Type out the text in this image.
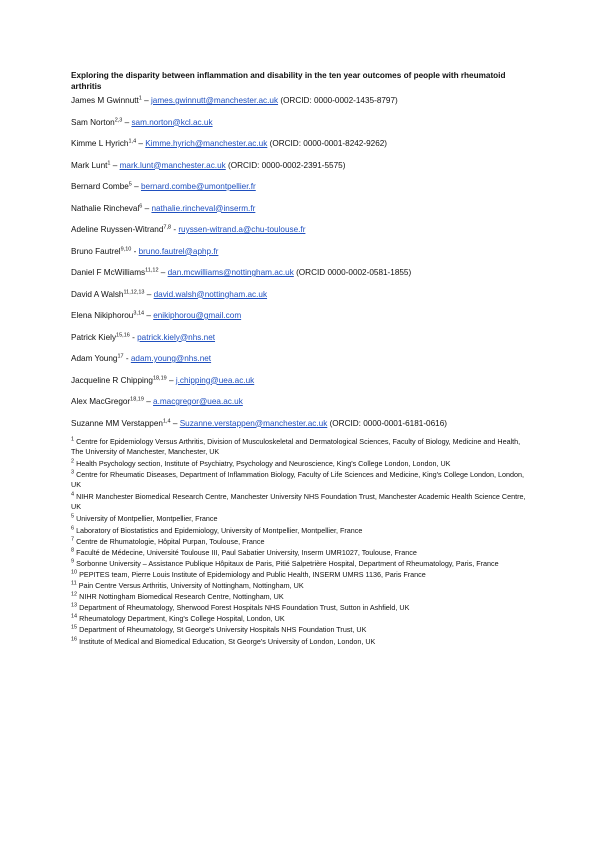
Exploring the disparity between inflammation and disability in the ten year outcomes of people with rheumatoid arthritis

James M Gwinnutt$^1$ – james.gwinnutt@manchester.ac.uk (ORCID: 0000-0002-1435-8797)
Sam Norton$^{2,3}$ – sam.norton@kcl.ac.uk
Kimme L Hyrich$^{1,4}$ – Kimme.hyrich@manchester.ac.uk (ORCID: 0000-0001-8242-9262)
Mark Lunt$^1$ – mark.lunt@manchester.ac.uk (ORCID: 0000-0002-2391-5575)
Bernard Combe$^5$ – bernard.combe@umontpellier.fr
Nathalie Rincheval$^6$ – nathalie.rincheval@inserm.fr
Adeline Ruyssen-Witrand$^{7,8}$ - ruyssen-witrand.a@chu-toulouse.fr
Bruno Fautrel$^{9,10}$ - bruno.fautrel@aphp.fr
Daniel F McWilliams$^{11,12}$ – dan.mcwilliams@nottingham.ac.uk (ORCID 0000-0002-0581-1855)
David A Walsh$^{11,12,13}$ – david.walsh@nottingham.ac.uk
Elena Nikiphorou$^{3,14}$ – enikiphorou@gmail.com
Patrick Kiely$^{15,16}$ - patrick.kiely@nhs.net
Adam Young$^{17}$ - adam.young@nhs.net
Jacqueline R Chipping$^{18,19}$ – j.chipping@uea.ac.uk
Alex MacGregor$^{18,19}$ – a.macgregor@uea.ac.uk
Suzanne MM Verstappen$^{1,4}$ – Suzanne.verstappen@manchester.ac.uk (ORCID: 0000-0001-6181-0616)
$^1$ Centre for Epidemiology Versus Arthritis, Division of Musculoskeletal and Dermatological Sciences, Faculty of Biology, Medicine and Health, The University of Manchester, Manchester, UK
$^2$ Health Psychology section, Institute of Psychiatry, Psychology and Neuroscience, King's College London, London, UK
$^3$ Centre for Rheumatic Diseases, Department of Inflammation Biology, Faculty of Life Sciences and Medicine, King's College London, London, UK
$^4$ NIHR Manchester Biomedical Research Centre, Manchester University NHS Foundation Trust, Manchester Academic Health Science Centre, UK
$^5$ University of Montpellier, Montpellier, France
$^6$ Laboratory of Biostatistics and Epidemiology, University of Montpellier, Montpellier, France
$^7$ Centre de Rhumatologie, Hôpital Purpan, Toulouse, France
$^8$ Faculté de Médecine, Université Toulouse III, Paul Sabatier University, Inserm UMR1027, Toulouse, France
$^9$ Sorbonne University – Assistance Publique Hôpitaux de Paris, Pitié Salpetrière Hospital, Department of Rheumatology, Paris, France
$^{10}$ PEPITES team, Pierre Louis Institute of Epidemiology and Public Health, INSERM UMRS 1136, Paris France
$^{11}$ Pain Centre Versus Arthritis, University of Nottingham, Nottingham, UK
$^{12}$ NIHR Nottingham Biomedical Research Centre, Nottingham, UK
$^{13}$ Department of Rheumatology, Sherwood Forest Hospitals NHS Foundation Trust, Sutton in Ashfield, UK
$^{14}$ Rheumatology Department, King's College Hospital, London, UK
$^{15}$ Department of Rheumatology, St George's University Hospitals NHS Foundation Trust, UK
$^{16}$ Institute of Medical and Biomedical Education, St George's University of London, London, UK
